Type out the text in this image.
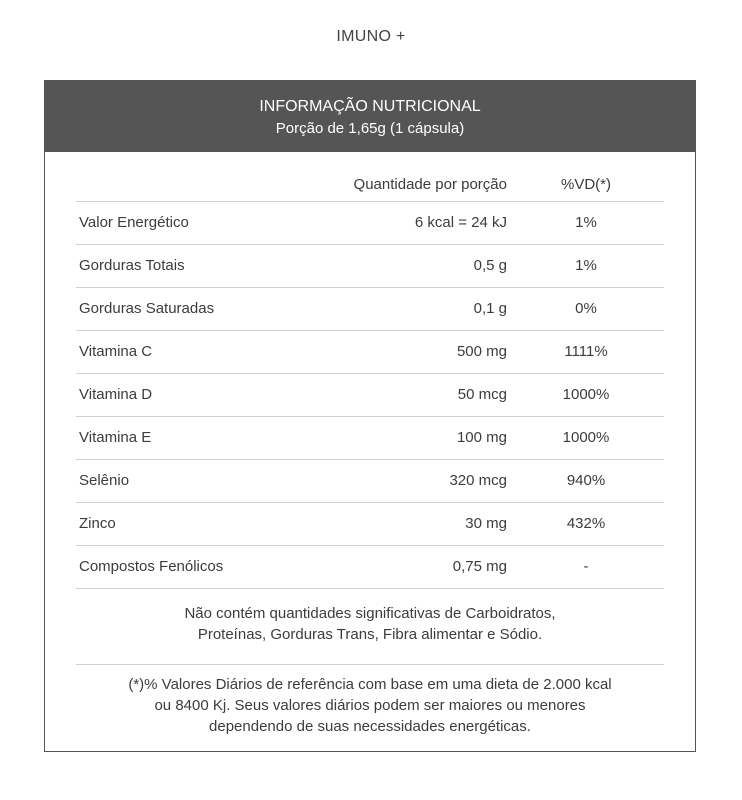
IMUNO +
INFORMAÇÃO NUTRICIONAL
Porção de 1,65g (1 cápsula)
Quantidade por porção	%VD(*)
Valor Energético	6 kcal = 24 kJ	1%
Gorduras Totais	0,5 g	1%
Gorduras Saturadas	0,1 g	0%
Vitamina C	500 mg	1111%
Vitamina D	50 mcg	1000%
Vitamina E	100 mg	1000%
Selênio	320 mcg	940%
Zinco	30 mg	432%
Compostos Fenólicos	0,75 mg	-
Não contém quantidades significativas de Carboidratos,
Proteínas, Gorduras Trans, Fibra alimentar e Sódio.
(*)% Valores Diários de referência com base em uma dieta de 2.000 kcal
ou 8400 Kj. Seus valores diários podem ser maiores ou menores
dependendo de suas necessidades energéticas.
